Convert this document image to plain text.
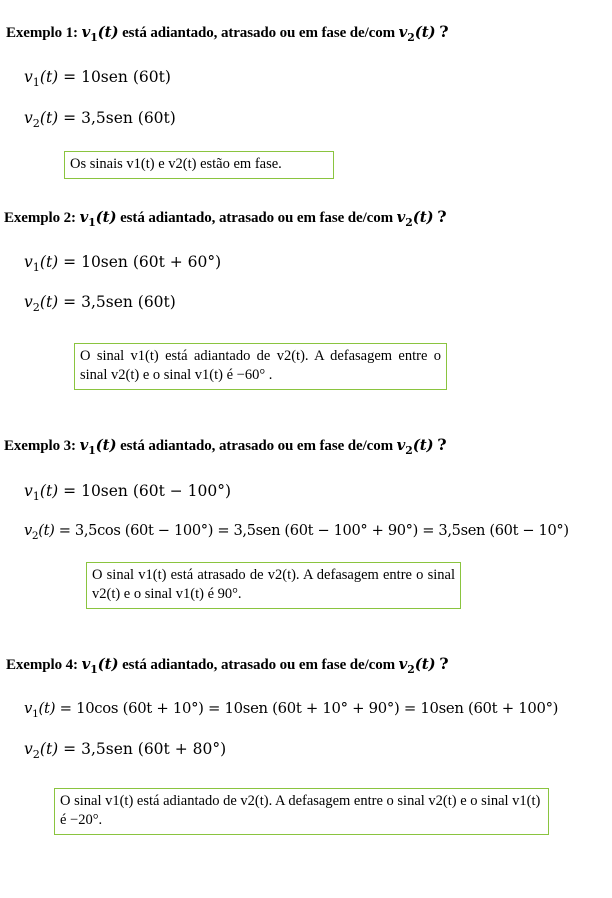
Exemplo 1: $v_1(t)$ está adiantado, atrasado ou em fase de/com $v_2(t)$ ?
$v_1(t) = 10sen$ (60t)
$v_2(t) = 3,5sen$ (60t)
Os sinais v1(t) e v2(t) estão em fase.
Exemplo 2: $v_1(t)$ está adiantado, atrasado ou em fase de/com $v_2(t)$ ?
$v_1(t) = 10sen$ (60t + 60°)
$v_2(t) = 3,5sen$ (60t)
O sinal v1(t) está adiantado de v2(t). A defasagem entre o sinal v2(t) e o sinal v1(t) é −60° .
Exemplo 3: $v_1(t)$ está adiantado, atrasado ou em fase de/com $v_2(t)$ ?
$v_1(t) = 10sen$ (60t − 100°)
$v_2(t) = 3,5\cos$ (60t − 100°) = 3,5sen (60t − 100° + 90°) = 3,5sen (60t − 10°)
O sinal v1(t) está atrasado de v2(t). A defasagem entre o sinal v2(t) e o sinal v1(t) é 90°.
Exemplo 4: $v_1(t)$ está adiantado, atrasado ou em fase de/com $v_2(t)$ ?
$v_1(t) = 10\cos$ (60t + 10°) = 10sen (60t + 10° + 90°) = 10sen (60t + 100°)
$v_2(t) = 3,5sen$ (60t + 80°)
O sinal v1(t) está adiantado de v2(t). A defasagem entre o sinal v2(t) e o sinal v1(t) é −20°.
